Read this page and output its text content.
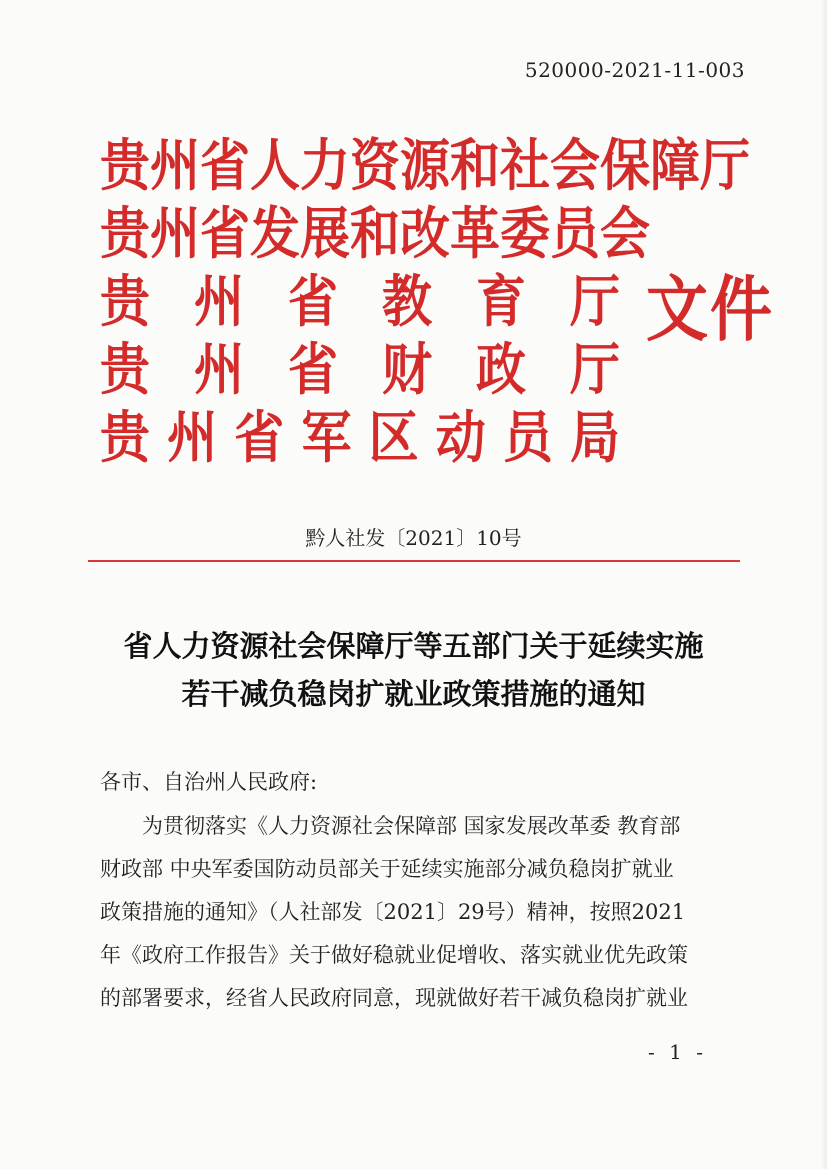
520000-2021-11-003
贵 州 省 人 力 资 源 和 社 会 保 障 厅
贵 州 省 发 展 和 改 革 委 员 会
贵 州 省 教 育 厅
贵 州 省 财 政 厅
贵 州 省 军 区 动 员 局
文件
黔人社发〔2021〕10号
省人力资源社会保障厅等五部门关于延续实施
若干减负稳岗扩就业政策措施的通知
各市、自治州人民政府:
为贯彻落实《人力资源社会保障部 国家发展改革委 教育部
财政部 中央军委国防动员部关于延续实施部分减负稳岗扩就业
政策措施的通知》（人社部发〔2021〕29号）精神，按照2021
年《政府工作报告》关于做好稳就业促增收、落实就业优先政策
的部署要求，经省人民政府同意，现就做好若干减负稳岗扩就业
- 1 -
